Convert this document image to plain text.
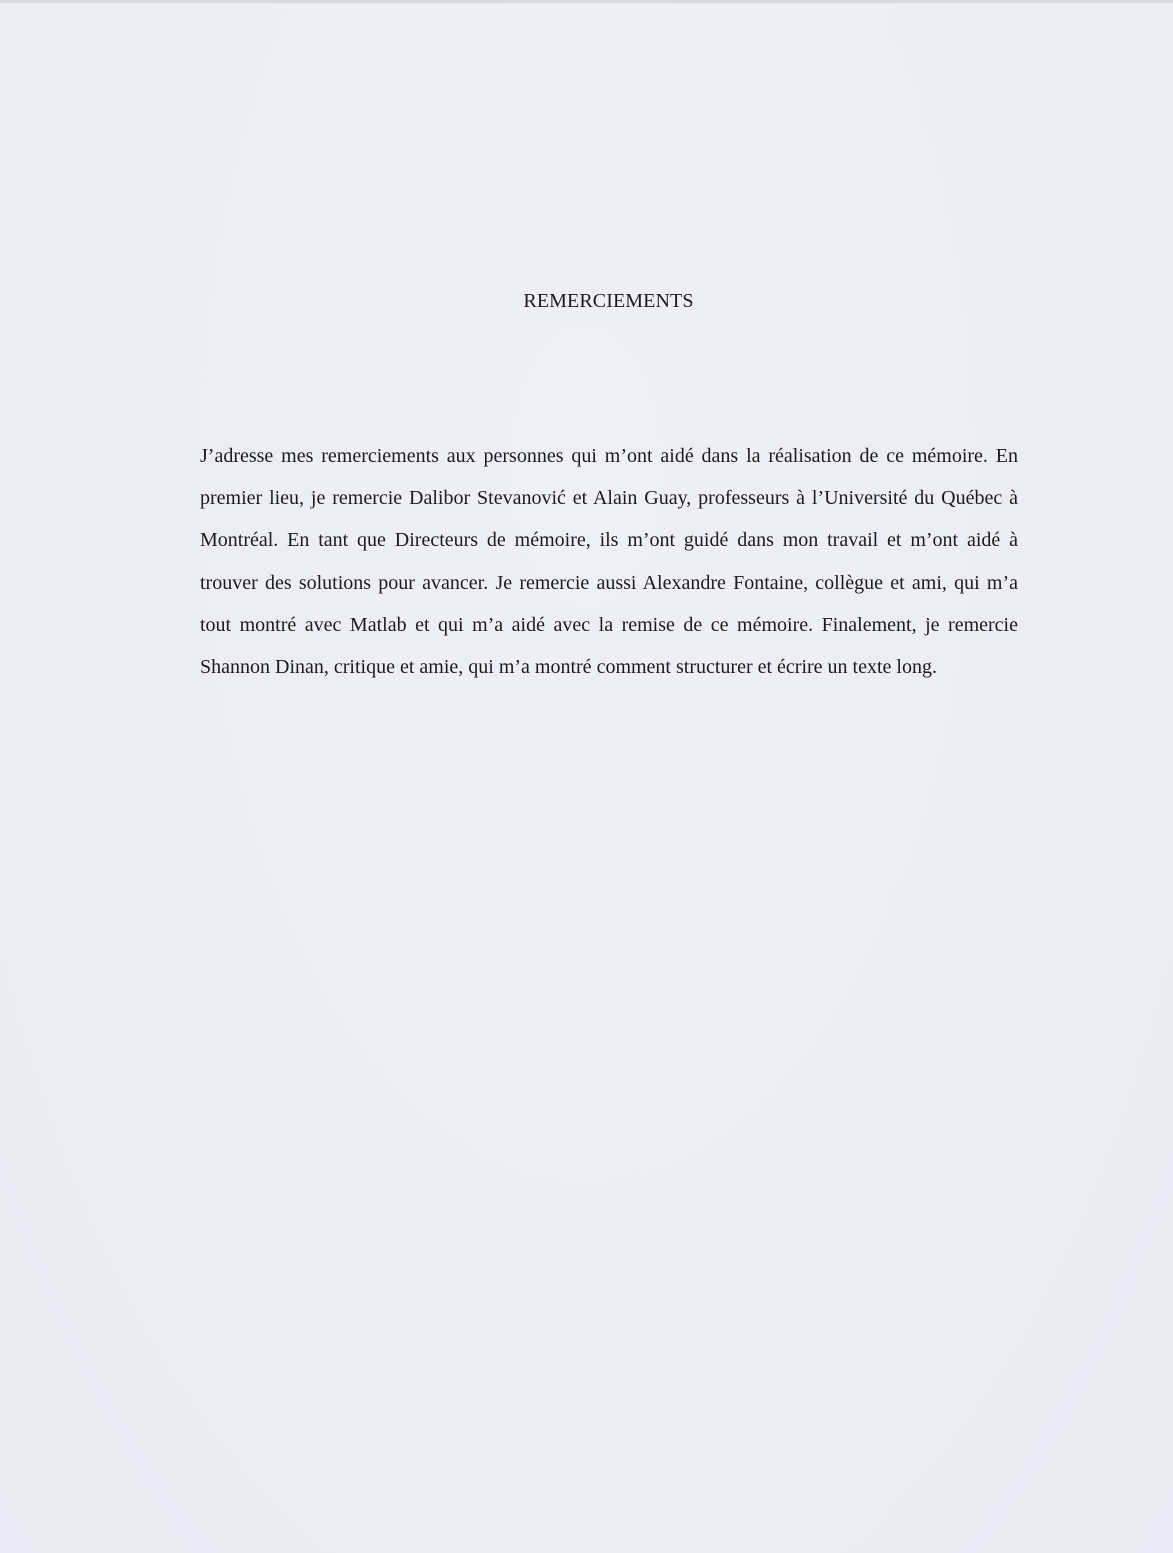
REMERCIEMENTS

J’adresse mes remerciements aux personnes qui m’ont aidé dans la réalisation de ce mémoire. En premier lieu, je remercie Dalibor Stevanović et Alain Guay, professeurs à l’Université du Québec à Montréal. En tant que Directeurs de mémoire, ils m’ont guidé dans mon travail et m’ont aidé à trouver des solutions pour avancer. Je remercie aussi Alexandre Fontaine, collègue et ami, qui m’a tout montré avec Matlab et qui m’a aidé avec la remise de ce mémoire. Finalement, je remercie Shannon Dinan, critique et amie, qui m’a montré comment structurer et écrire un texte long.
